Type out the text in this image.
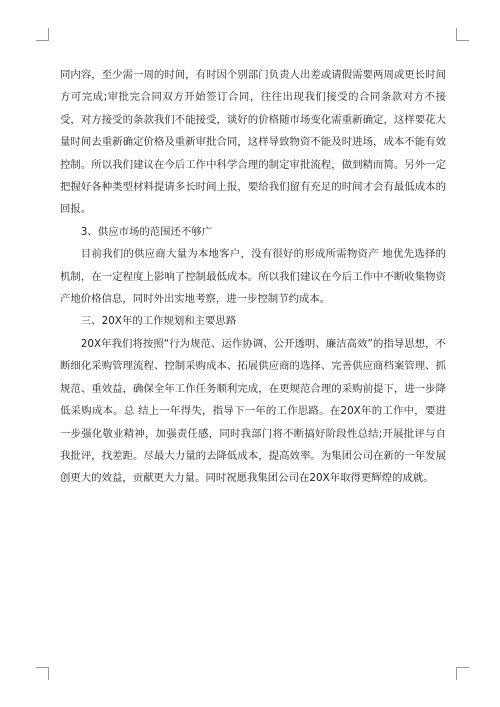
同内容，至少需一周的时间，有时因个别部门负责人出差或请假需要两周或更长时间方可完成;审批完合同双方开始签订合同，往往出现我们接受的合同条款对方不接受，对方接受的条款我们不能接受，谈好的价格随市场变化需重新确定，这样要花大量时间去重新确定价格及重新审批合同，这样导致物资不能及时进场，成本不能有效控制。所以我们建议在今后工作中科学合理的制定审批流程，做到精而简。另外一定把握好各种类型材料提请多长时间上报，要给我们留有充足的时间才会有最低成本的回报。

3、供应市场的范围还不够广

目前我们的供应商大量为本地客户，没有很好的形成所需物资产 地优先选择的机制，在一定程度上影响了控制最低成本。所以我们建议在今后工作中不断收集物资产地价格信息，同时外出实地考察，进一步控制节约成本。

三、20X年的工作规划和主要思路

20X年我们将按照“行为规范、运作协调、公开透明、廉洁高效”的指导思想，不断细化采购管理流程、控制采购成本、拓展供应商的选择、完善供应商档案管理、抓规范、重效益，确保全年工作任务顺利完成，在更规范合理的采购前提下，进一步降低采购成本。总 结上一年得失，指导下一年的工作思路。在20X年的工作中，要进一步强化敬业精神，加强责任感，同时我部门将不断搞好阶段性总结;开展批评与自我批评，找差距。尽最大力量的去降低成本，提高效率。为集团公司在新的一年发展创更大的效益，贡献更大力量。同时祝愿我集团公司在20X年取得更辉煌的成就。
